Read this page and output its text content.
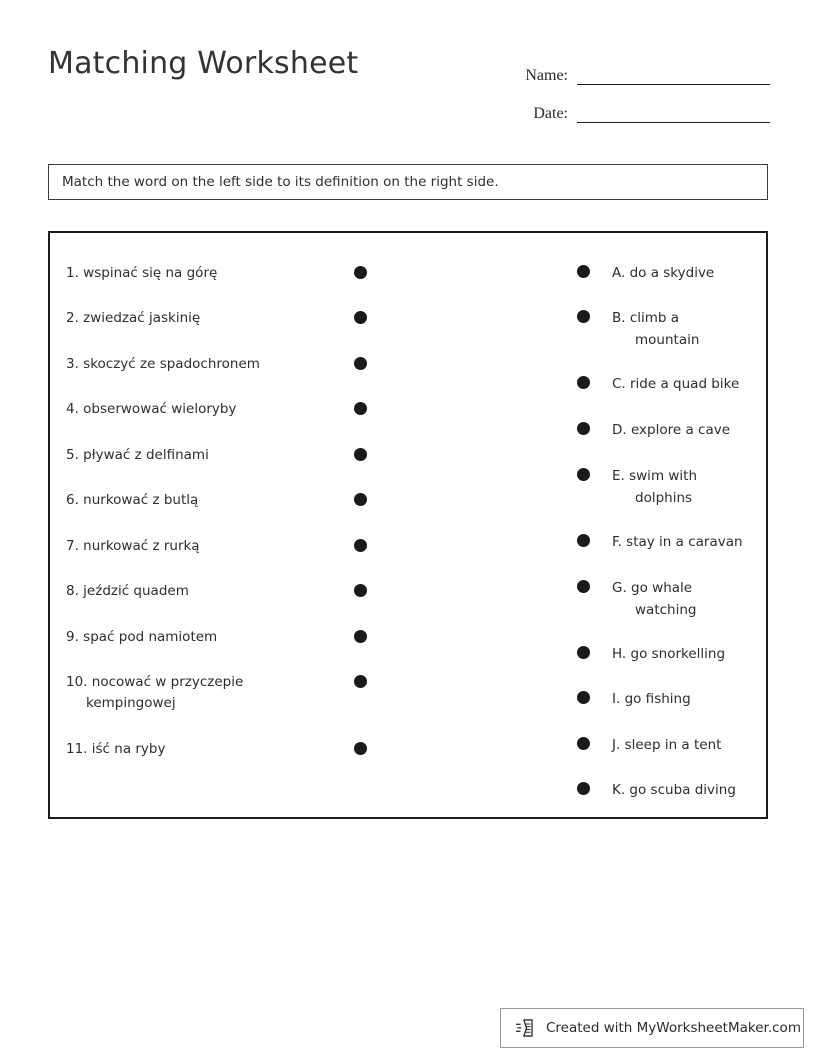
Matching Worksheet	Name:
Date:
Match the word on the left side to its definition on the right side.
1. wspinać się na górę
2. zwiedzać jaskinię
3. skoczyć ze spadochronem
4. obserwować wieloryby
5. pływać z delfinami
6. nurkować z butlą
7. nurkować z rurką
8. jeździć quadem
9. spać pod namiotem
10. nocować w przyczepie
kempingowej
11. iść na ryby
A. do a skydive
B. climb a
mountain
C. ride a quad bike
D. explore a cave
E. swim with
dolphins
F. stay in a caravan
G. go whale
watching
H. go snorkelling
I. go fishing
J. sleep in a tent
K. go scuba diving
Created with MyWorksheetMaker.com
